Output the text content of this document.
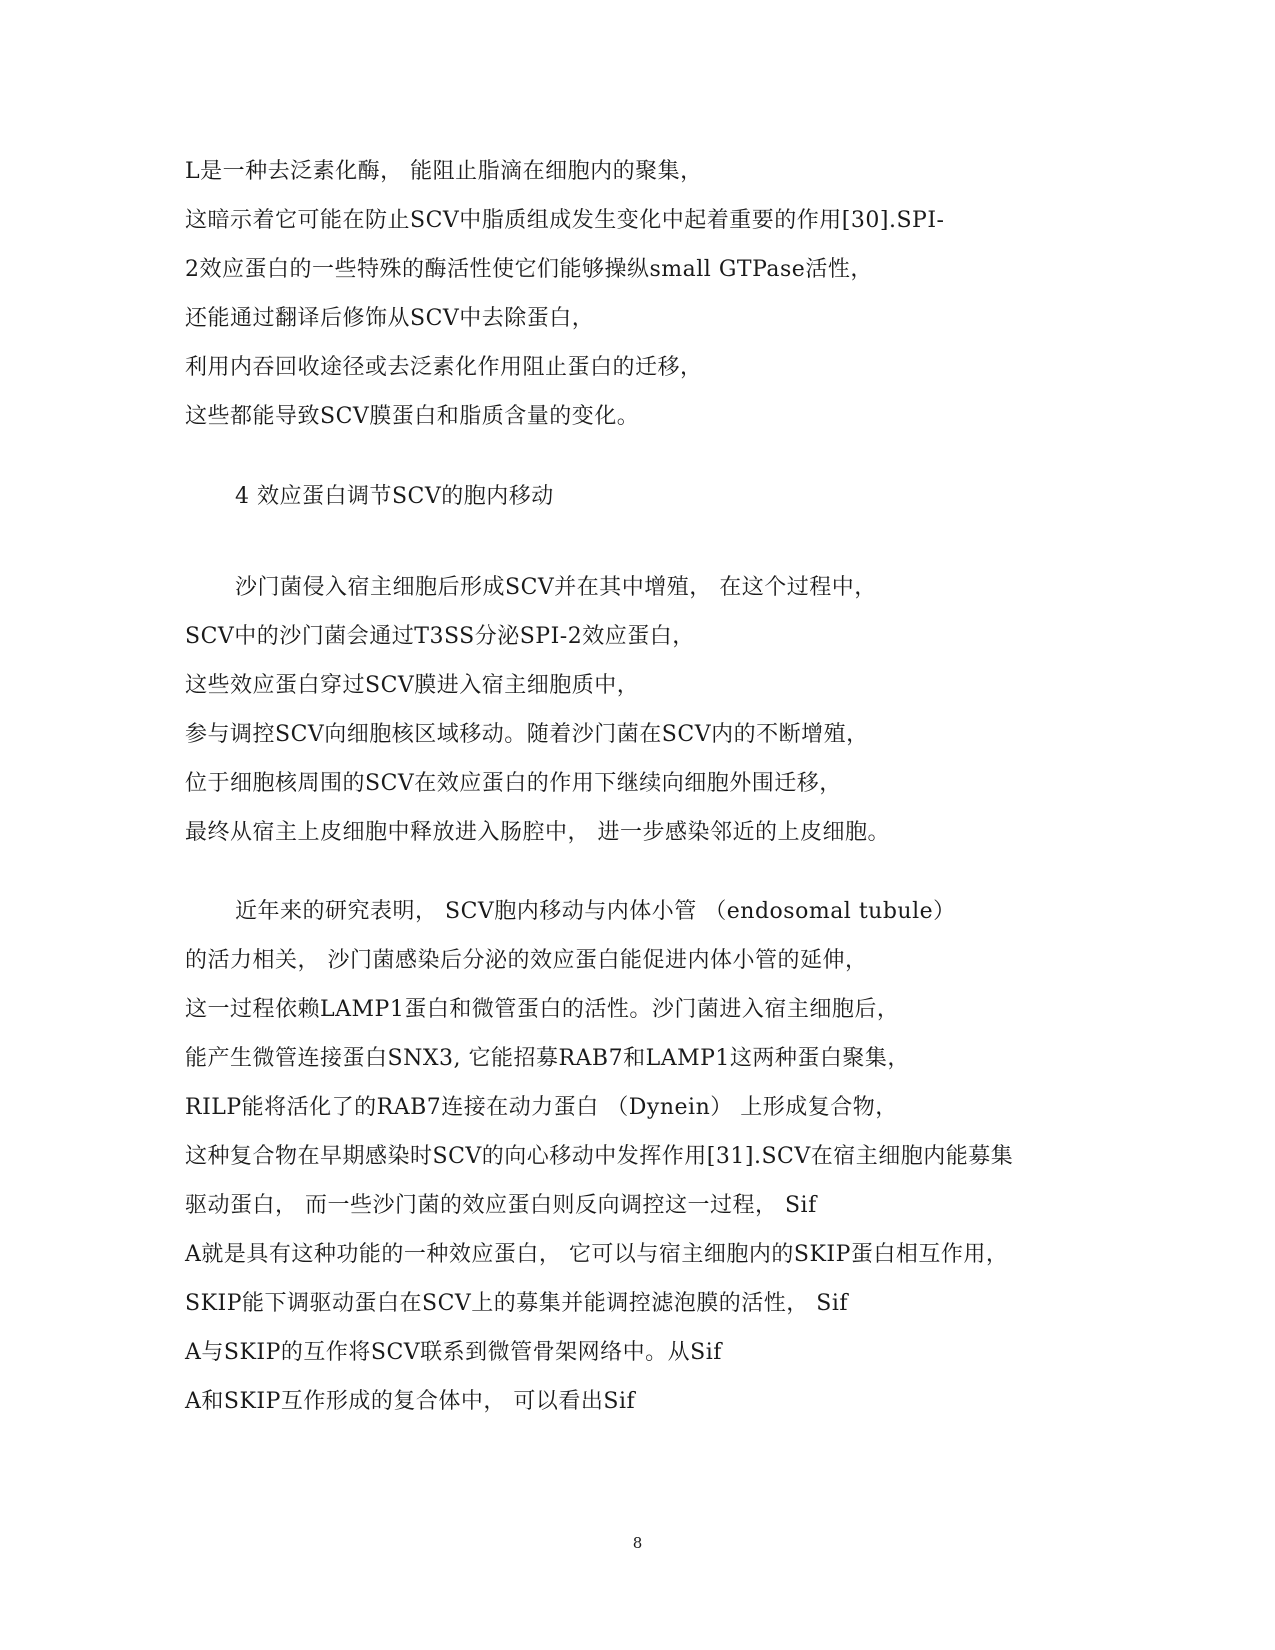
L是一种去泛素化酶， 能阻止脂滴在细胞内的聚集，
这暗示着它可能在防止SCV中脂质组成发生变化中起着重要的作用[30].SPI-
2效应蛋白的一些特殊的酶活性使它们能够操纵small GTPase活性，
还能通过翻译后修饰从SCV中去除蛋白，
利用内吞回收途径或去泛素化作用阻止蛋白的迁移，
这些都能导致SCV膜蛋白和脂质含量的变化。
4 效应蛋白调节SCV的胞内移动
沙门菌侵入宿主细胞后形成SCV并在其中增殖， 在这个过程中，
SCV中的沙门菌会通过T3SS分泌SPI-2效应蛋白，
这些效应蛋白穿过SCV膜进入宿主细胞质中，
参与调控SCV向细胞核区域移动。随着沙门菌在SCV内的不断增殖，
位于细胞核周围的SCV在效应蛋白的作用下继续向细胞外围迁移，
最终从宿主上皮细胞中释放进入肠腔中， 进一步感染邻近的上皮细胞。
近年来的研究表明， SCV胞内移动与内体小管 （endosomal tubule）
的活力相关， 沙门菌感染后分泌的效应蛋白能促进内体小管的延伸，
这一过程依赖LAMP1蛋白和微管蛋白的活性。沙门菌进入宿主细胞后，
能产生微管连接蛋白SNX3, 它能招募RAB7和LAMP1这两种蛋白聚集，
RILP能将活化了的RAB7连接在动力蛋白 （Dynein） 上形成复合物，
这种复合物在早期感染时SCV的向心移动中发挥作用[31].SCV在宿主细胞内能募集
驱动蛋白， 而一些沙门菌的效应蛋白则反向调控这一过程， Sif
A就是具有这种功能的一种效应蛋白， 它可以与宿主细胞内的SKIP蛋白相互作用，
SKIP能下调驱动蛋白在SCV上的募集并能调控滤泡膜的活性， Sif
A与SKIP的互作将SCV联系到微管骨架网络中。从Sif
A和SKIP互作形成的复合体中， 可以看出Sif
8
